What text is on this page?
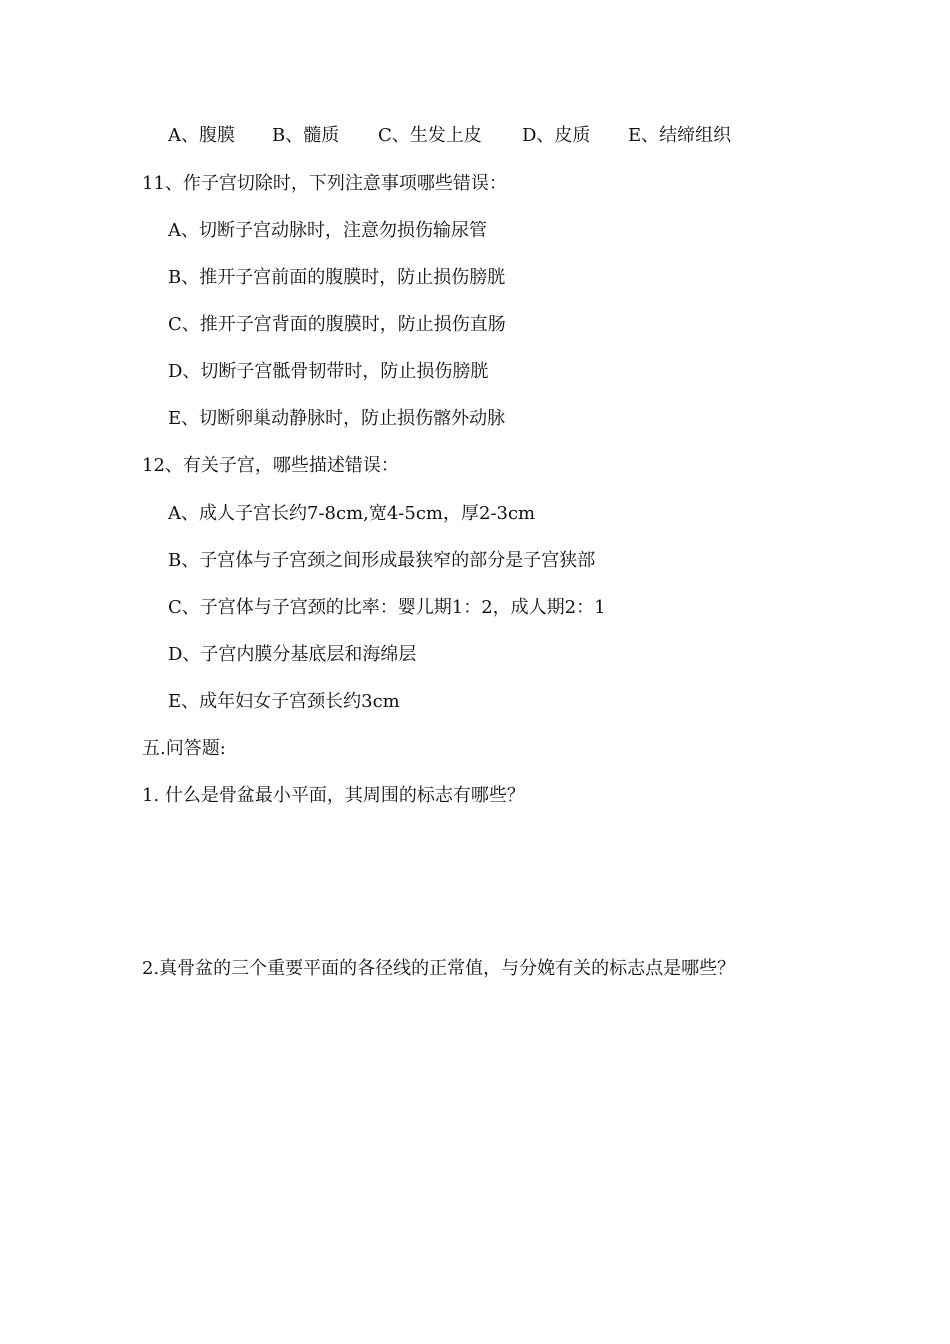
A、腹膜 B、髓质 C、生发上皮 D、皮质 E、结缔组织
11、作子宫切除时，下列注意事项哪些错误：
A、切断子宫动脉时，注意勿损伤输尿管
B、推开子宫前面的腹膜时，防止损伤膀胱
C、推开子宫背面的腹膜时，防止损伤直肠
D、切断子宫骶骨韧带时，防止损伤膀胱
E、切断卵巢动静脉时，防止损伤髂外动脉
12、有关子宫，哪些描述错误：
A、成人子宫长约7-8cm,宽4-5cm，厚2-3cm
B、子宫体与子宫颈之间形成最狭窄的部分是子宫狭部
C、子宫体与子宫颈的比率：婴儿期1：2，成人期2：1
D、子宫内膜分基底层和海绵层
E、成年妇女子宫颈长约3cm
五.问答题:
1. 什么是骨盆最小平面，其周围的标志有哪些？
2.真骨盆的三个重要平面的各径线的正常值，与分娩有关的标志点是哪些？
